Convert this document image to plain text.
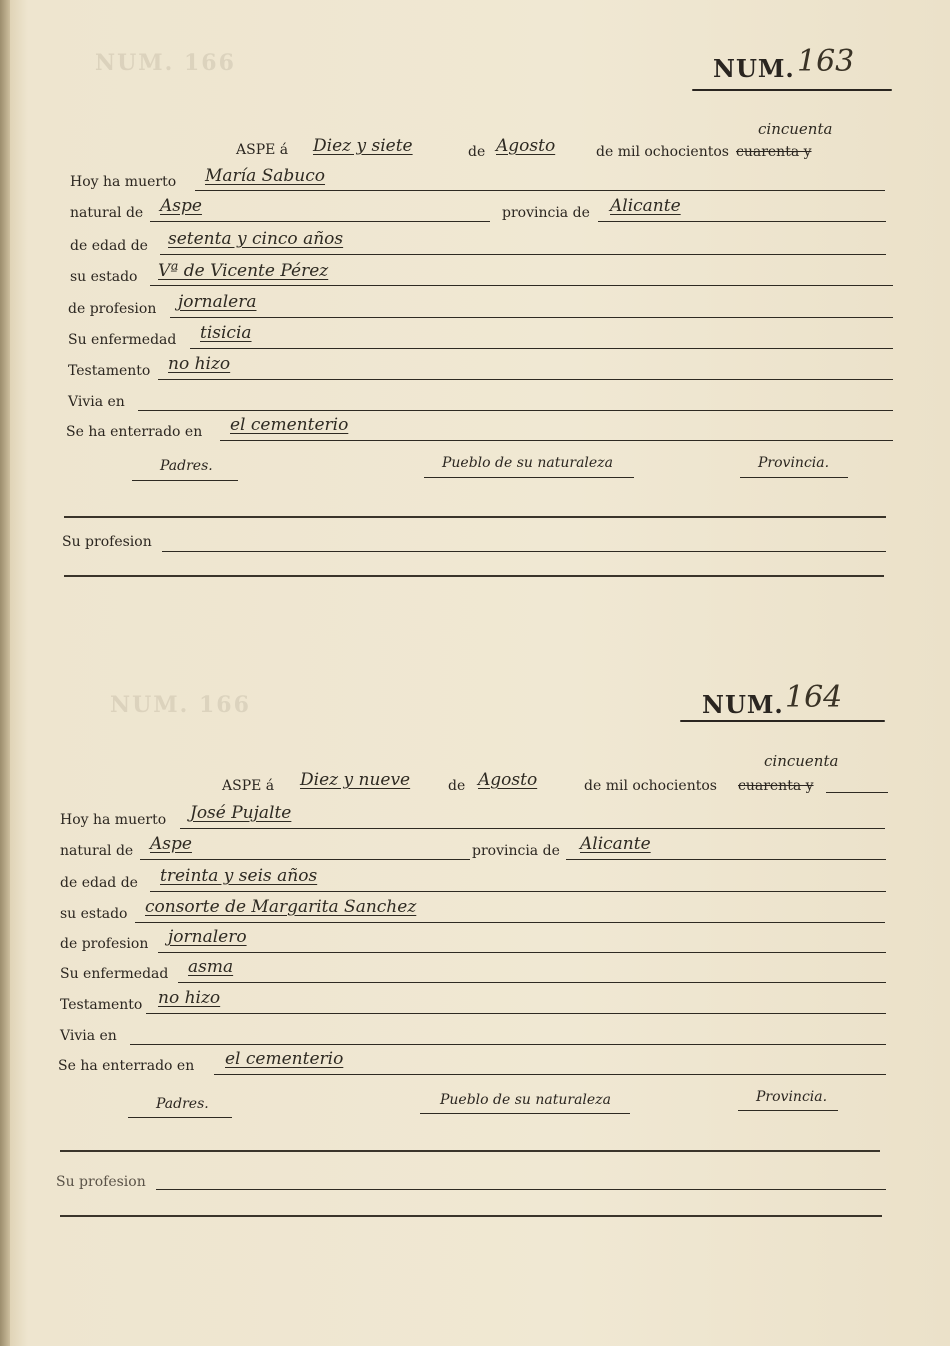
NUM. 166	NUM. 163
ASPE á Diez y siete	de Agosto	de mil ochocientos cuarenta y
cincuenta
Hoy ha muerto María Sabuco
natural de Aspe	provincia de Alicante
de edad de setenta y cinco años
su estado Vª de Vicente Pérez
de profesion jornalera
Su enfermedad tisicia
Testamento no hizo
Vivia en
Se ha enterrado en el cementerio
Padres.	Pueblo de su naturaleza	Provincia.
Su profesion
NUM. 166	NUM. 164
ASPE á Diez y nueve	de Agosto	de mil ochocientos cuarenta y
cincuenta
Hoy ha muerto José Pujalte
natural de Aspe	provincia de Alicante
de edad de treinta y seis años
su estado consorte de Margarita Sanchez
de profesion jornalero
Su enfermedad asma
Testamento no hizo
Vivia en
Se ha enterrado en el cementerio
Padres.	Pueblo de su naturaleza	Provincia.
Su profesion
